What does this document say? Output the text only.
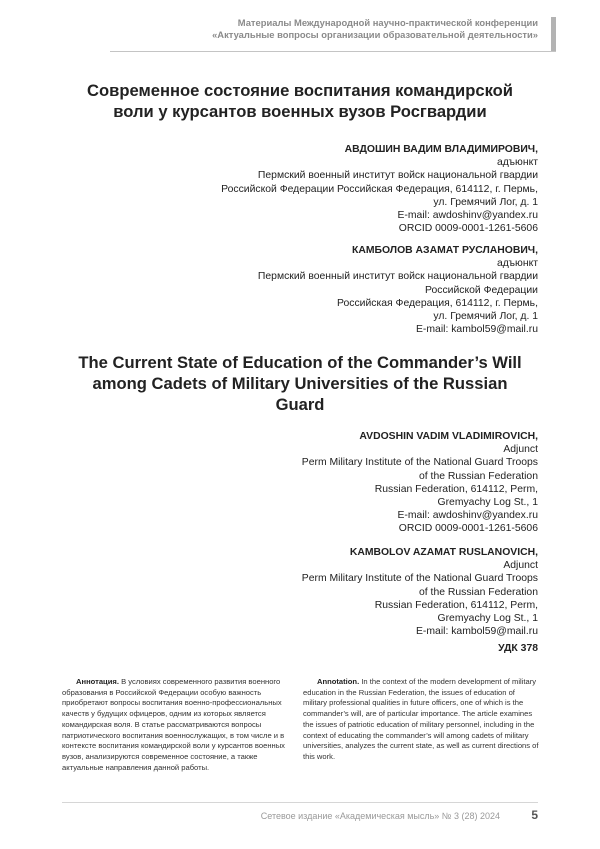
Материалы Международной научно-практической конференции
«Актуальные вопросы организации образовательной деятельности»
Современное состояние воспитания командирской
воли у курсантов военных вузов Росгвардии
АВДОШИН ВАДИМ ВЛАДИМИРОВИЧ,
адъюнкт
Пермский военный институт войск национальной гвардии
Российской Федерации Российская Федерация, 614112, г. Пермь,
ул. Гремячий Лог, д. 1
E-mail: awdoshinv@yandex.ru
ORCID 0009-0001-1261-5606
КАМБОЛОВ АЗАМАТ РУСЛАНОВИЧ,
адъюнкт
Пермский военный институт войск национальной гвардии
Российской Федерации
Российская Федерация, 614112, г. Пермь,
ул. Гремячий Лог, д. 1
E-mail: kambol59@mail.ru
The Current State of Education of the Commander’s Will
among Cadets of Military Universities of the Russian
Guard
AVDOSHIN VADIM VLADIMIROVICH,
Adjunct
Perm Military Institute of the National Guard Troops
of the Russian Federation
Russian Federation, 614112, Perm,
Gremyachy Log St., 1
E-mail: awdoshinv@yandex.ru
ORCID 0009-0001-1261-5606
KAMBOLOV AZAMAT RUSLANOVICH,
Adjunct
Perm Military Institute of the National Guard Troops
of the Russian Federation
Russian Federation, 614112, Perm,
Gremyachy Log St., 1
E-mail: kambol59@mail.ru
УДК 378

Аннотация. В условиях современного развития военного образования в Российской Федерации особую важность приобретают вопросы воспитания военно-профессиональных качеств у будущих офицеров, одним из которых является командирская воля. В статье рассматриваются вопросы патриотического воспитания военнослужащих, в том числе и в контексте воспитания командирской воли у курсантов военных вузов, анализируются современное состояние, а также актуальные направления данной работы.

Annotation. In the context of the modern development of military education in the Russian Federation, the issues of education of military professional qualities in future officers, one of which is the commander’s will, are of particular importance. The article examines the issues of patriotic education of military personnel, including in the context of educating the commander’s will among cadets of military universities, analyzes the current state, as well as current directions of this work.

Сетевое издание «Академическая мысль» № 3 (28) 2024	5
